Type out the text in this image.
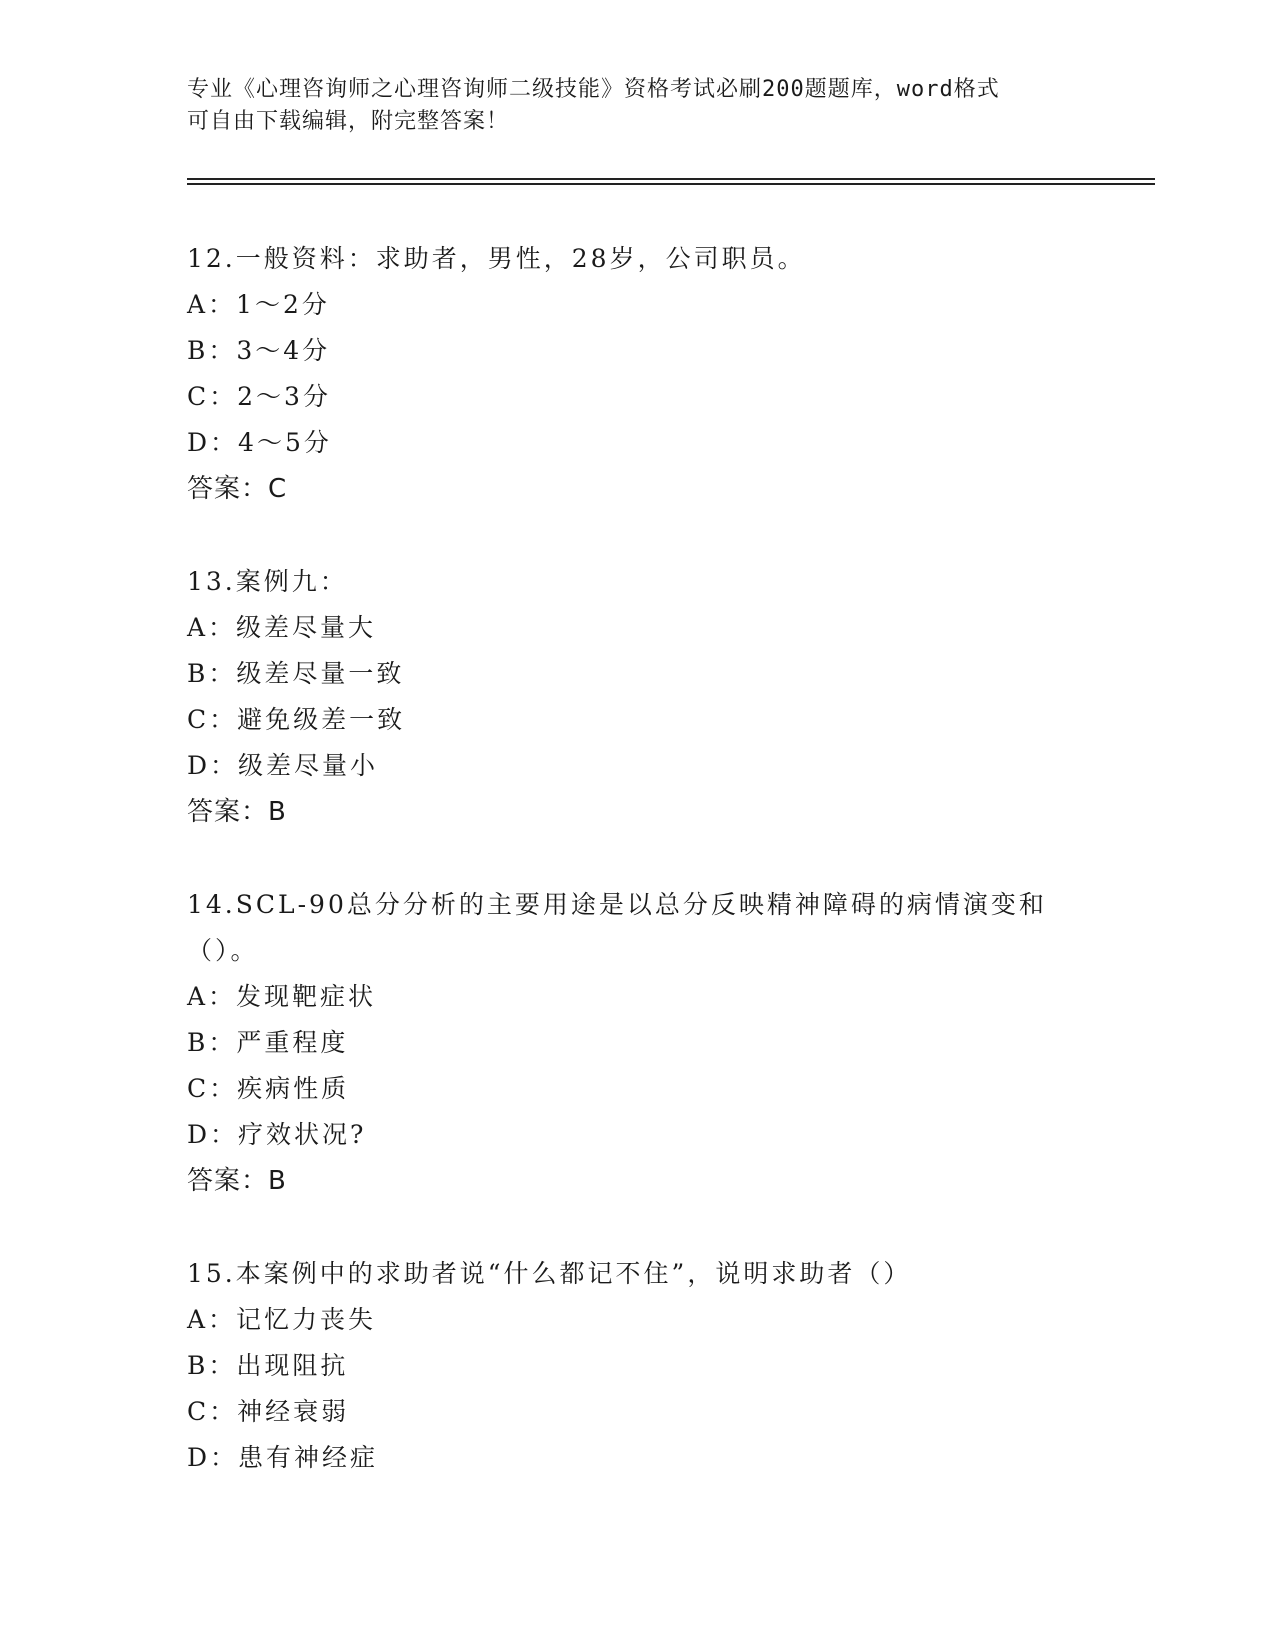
专业《心理咨询师之心理咨询师二级技能》资格考试必刷200题题库，word格式
可自由下载编辑，附完整答案！
12.一般资料：求助者，男性，28岁，公司职员。
A：1～2分
B：3～4分
C：2～3分
D：4～5分
答案：C
13.案例九：
A：级差尽量大
B：级差尽量一致
C：避免级差一致
D：级差尽量小
答案：B
14.SCL-90总分分析的主要用途是以总分反映精神障碍的病情演变和（）。
A：发现靶症状
B：严重程度
C：疾病性质
D：疗效状况?
答案：B
15.本案例中的求助者说“什么都记不住”，说明求助者（）
A：记忆力丧失
B：出现阻抗
C：神经衰弱
D：患有神经症
